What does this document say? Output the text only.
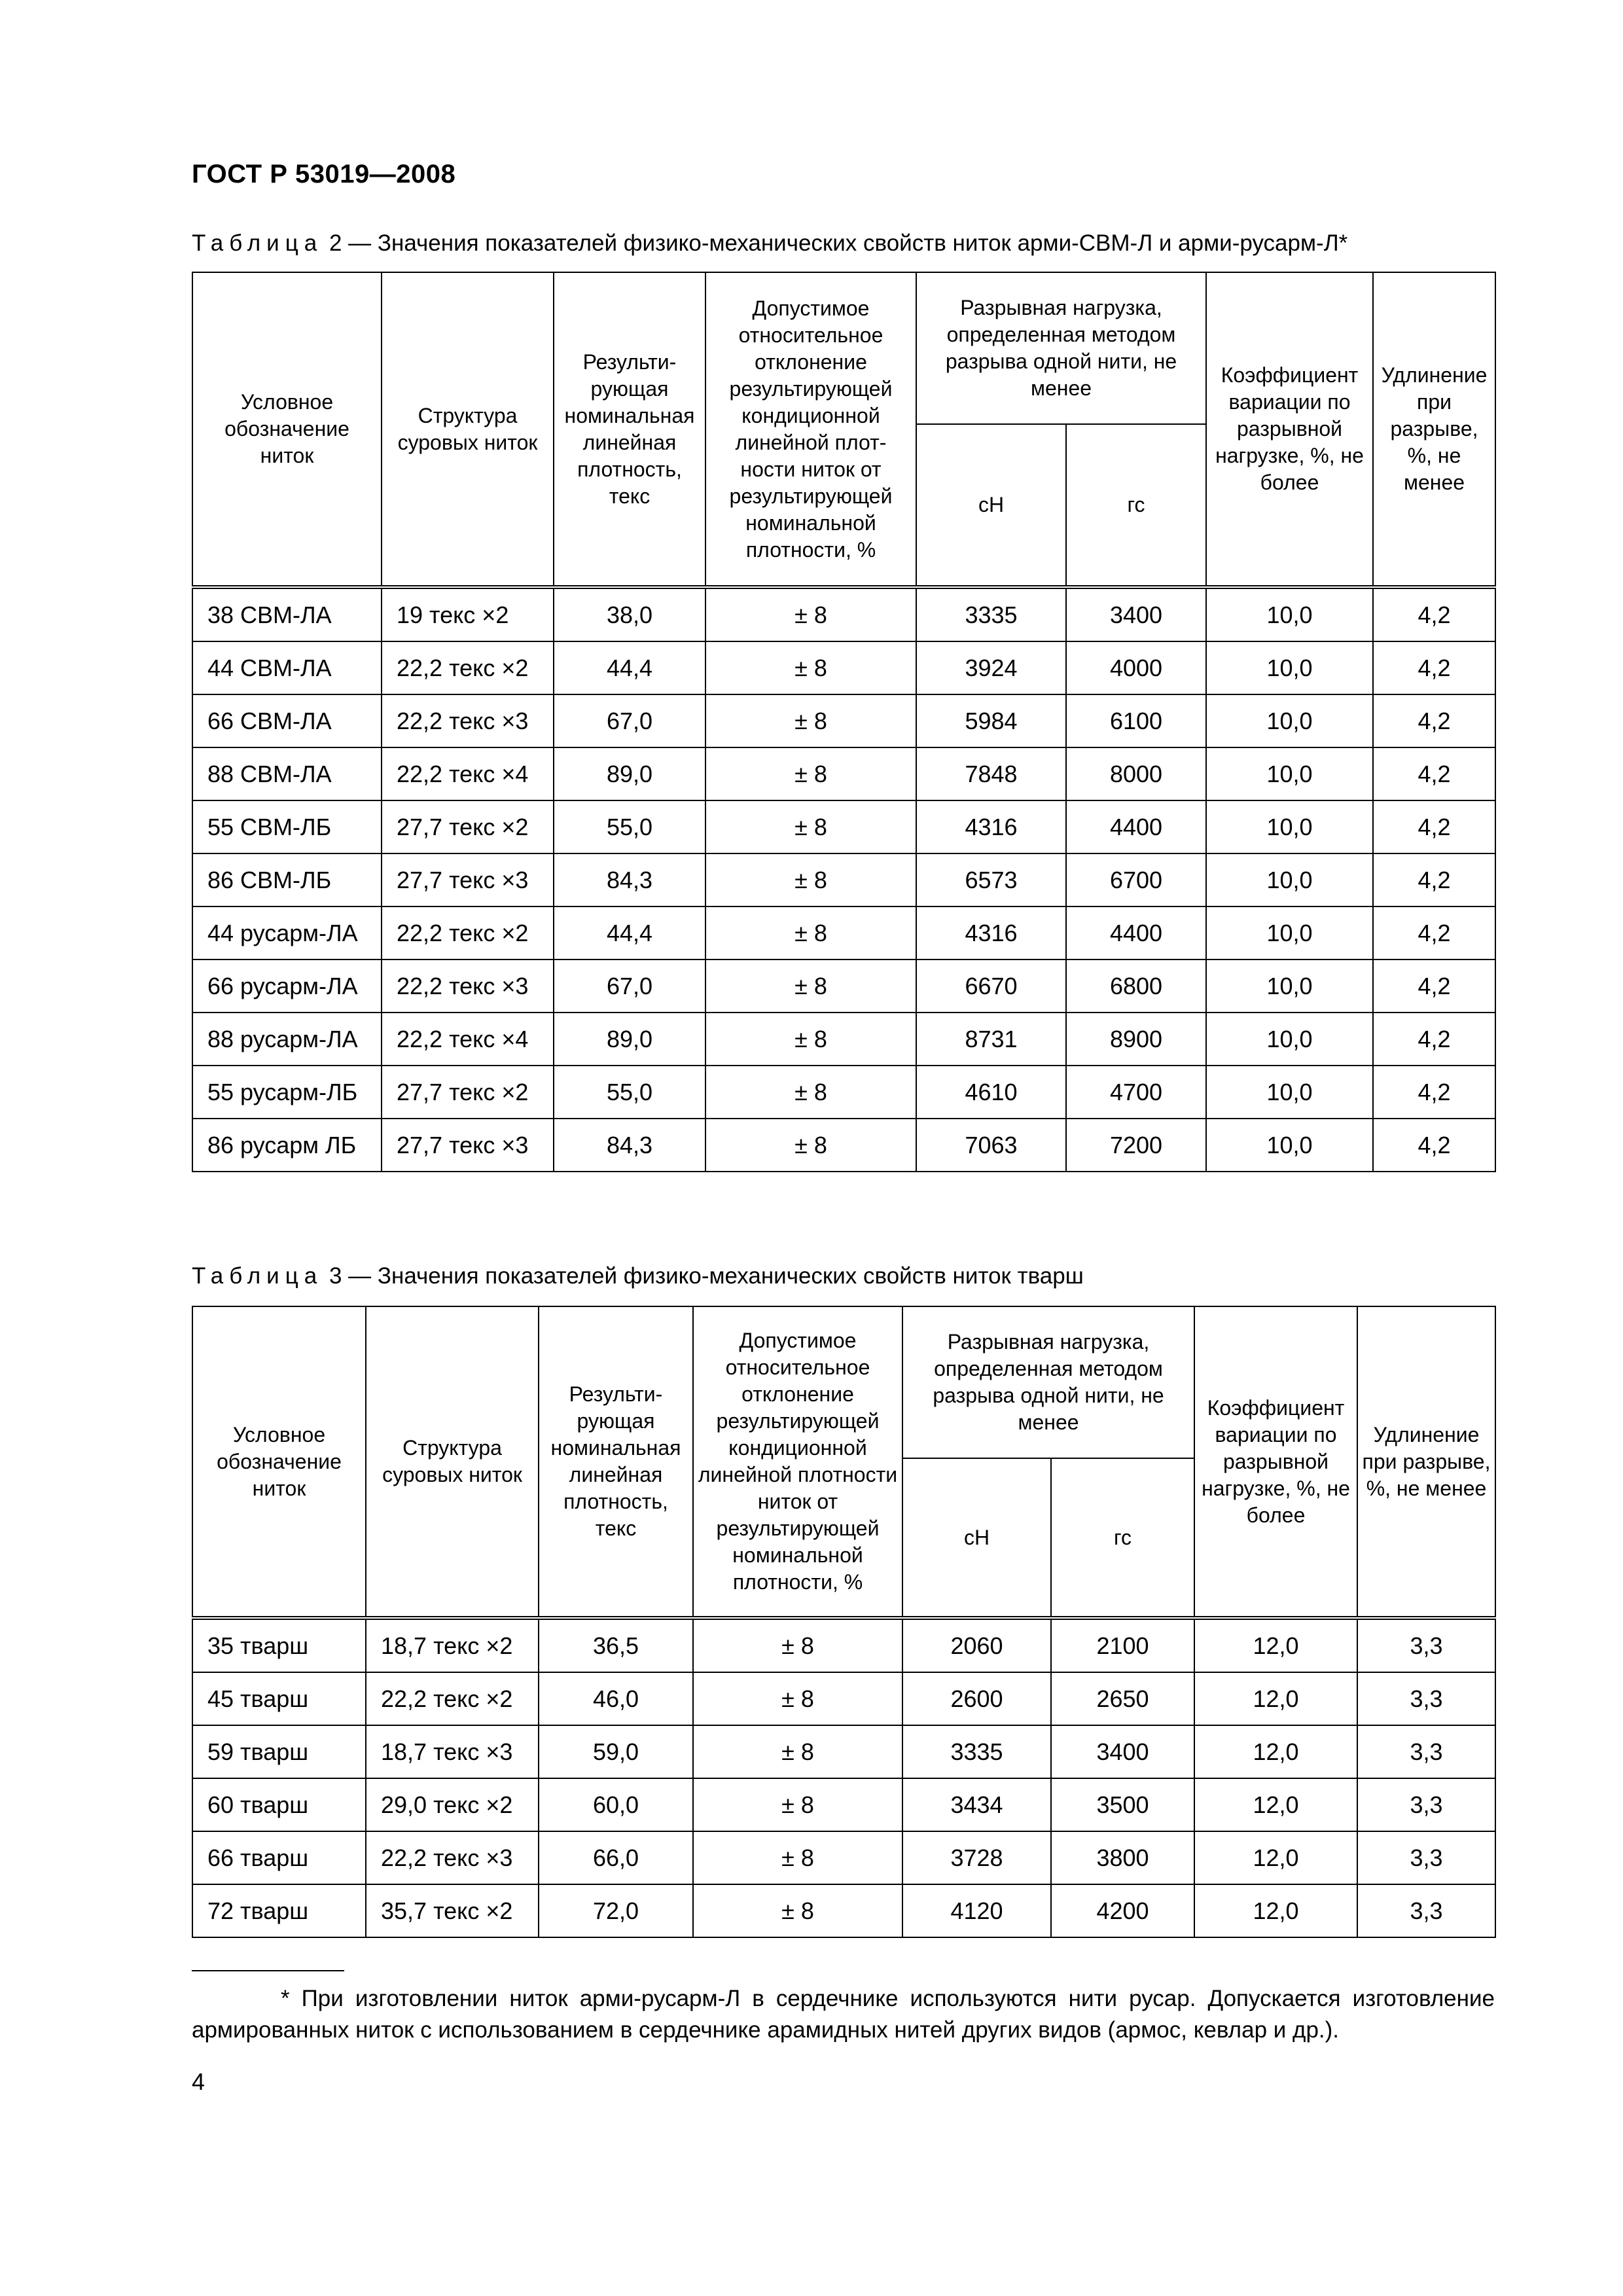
ГОСТ Р 53019—2008
Таблица 2 — Значения показателей физико-механических свойств ниток арми-СВМ-Л и арми-русарм-Л*
Условное обозначение ниток	Структура суровых ниток	Результи-рующая номинальная линейная плотность, текс	Допустимое относительное отклонение результирующей кондиционной линейной плот-ности ниток от результирующей номинальной плотности, %	Разрывная нагрузка, определенная методом разрыва одной нити, не менее		Коэффициент вариации по разрывной нагрузке, %, не более	Удлинение при разрыве, %, не менее
				сН	гс		
38 СВМ-ЛА	19 текс ×2	38,0	± 8	3335	3400	10,0	4,2
44 СВМ-ЛА	22,2 текс ×2	44,4	± 8	3924	4000	10,0	4,2
66 СВМ-ЛА	22,2 текс ×3	67,0	± 8	5984	6100	10,0	4,2
88 СВМ-ЛА	22,2 текс ×4	89,0	± 8	7848	8000	10,0	4,2
55 СВМ-ЛБ	27,7 текс ×2	55,0	± 8	4316	4400	10,0	4,2
86 СВМ-ЛБ	27,7 текс ×3	84,3	± 8	6573	6700	10,0	4,2
44 русарм-ЛА	22,2 текс ×2	44,4	± 8	4316	4400	10,0	4,2
66 русарм-ЛА	22,2 текс ×3	67,0	± 8	6670	6800	10,0	4,2
88 русарм-ЛА	22,2 текс ×4	89,0	± 8	8731	8900	10,0	4,2
55 русарм-ЛБ	27,7 текс ×2	55,0	± 8	4610	4700	10,0	4,2
86 русарм ЛБ	27,7 текс ×3	84,3	± 8	7063	7200	10,0	4,2
Таблица 3 — Значения показателей физико-механических свойств ниток тварш
Условное обозначение ниток	Структура суровых ниток	Результи-рующая номинальная линейная плотность, текс	Допустимое относительное отклонение результирующей кондиционной линейной плотности ниток от результирующей номинальной плотности, %	Разрывная нагрузка, определенная методом разрыва одной нити, не менее		Коэффициент вариации по разрывной нагрузке, %, не более	Удлинение при разрыве, %, не менее
				сН	гс		
35 тварш	18,7 текс ×2	36,5	± 8	2060	2100	12,0	3,3
45 тварш	22,2 текс ×2	46,0	± 8	2600	2650	12,0	3,3
59 тварш	18,7 текс ×3	59,0	± 8	3335	3400	12,0	3,3
60 тварш	29,0 текс ×2	60,0	± 8	3434	3500	12,0	3,3
66 тварш	22,2 текс ×3	66,0	± 8	3728	3800	12,0	3,3
72 тварш	35,7 текс ×2	72,0	± 8	4120	4200	12,0	3,3
* При изготовлении ниток арми-русарм-Л в сердечнике используются нити русар. Допускается изготовление армированных ниток с использованием в сердечнике арамидных нитей других видов (армос, кевлар и др.).
4
